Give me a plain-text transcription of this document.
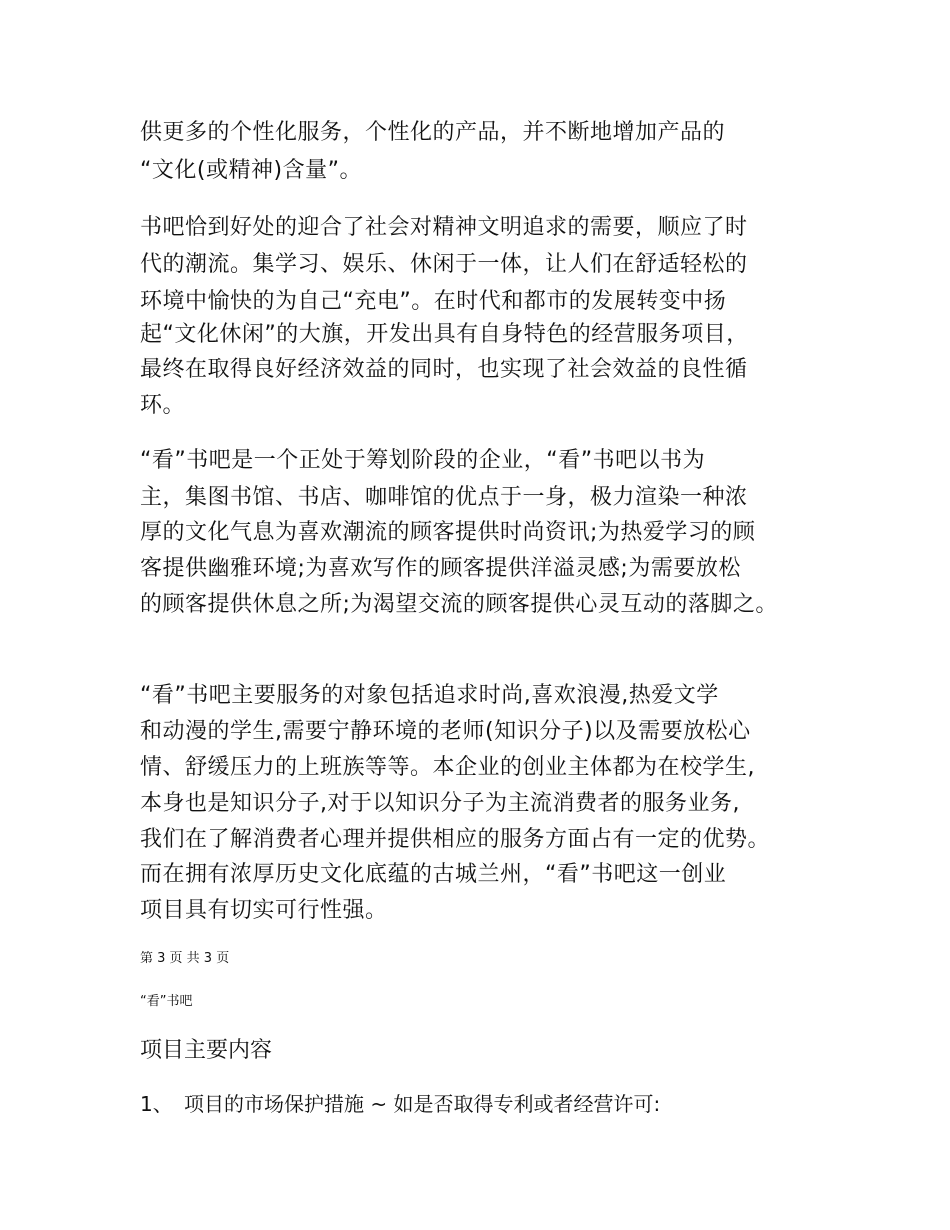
供更多的个性化服务，个性化的产品，并不断地增加产品的
“文化(或精神)含量”。
书吧恰到好处的迎合了社会对精神文明追求的需要，顺应了时
代的潮流。集学习、娱乐、休闲于一体，让人们在舒适轻松的
环境中愉快的为自己“充电”。在时代和都市的发展转变中扬
起“文化休闲”的大旗，开发出具有自身特色的经营服务项目，
最终在取得良好经济效益的同时，也实现了社会效益的良性循
环。
“看”书吧是一个正处于筹划阶段的企业，“看”书吧以书为
主，集图书馆、书店、咖啡馆的优点于一身，极力渲染一种浓
厚的文化气息为喜欢潮流的顾客提供时尚资讯;为热爱学习的顾
客提供幽雅环境;为喜欢写作的顾客提供洋溢灵感;为需要放松
的顾客提供休息之所;为渴望交流的顾客提供心灵互动的落脚之。
“看”书吧主要服务的对象包括追求时尚,喜欢浪漫,热爱文学
和动漫的学生,需要宁静环境的老师(知识分子)以及需要放松心
情、舒缓压力的上班族等等。本企业的创业主体都为在校学生,
本身也是知识分子,对于以知识分子为主流消费者的服务业务,
我们在了解消费者心理并提供相应的服务方面占有一定的优势。
而在拥有浓厚历史文化底蕴的古城兰州，“看”书吧这一创业
项目具有切实可行性强。
第 3 页 共 3 页
“看”书吧
项目主要内容
1、 项目的市场保护措施 ~ 如是否取得专利或者经营许可:
